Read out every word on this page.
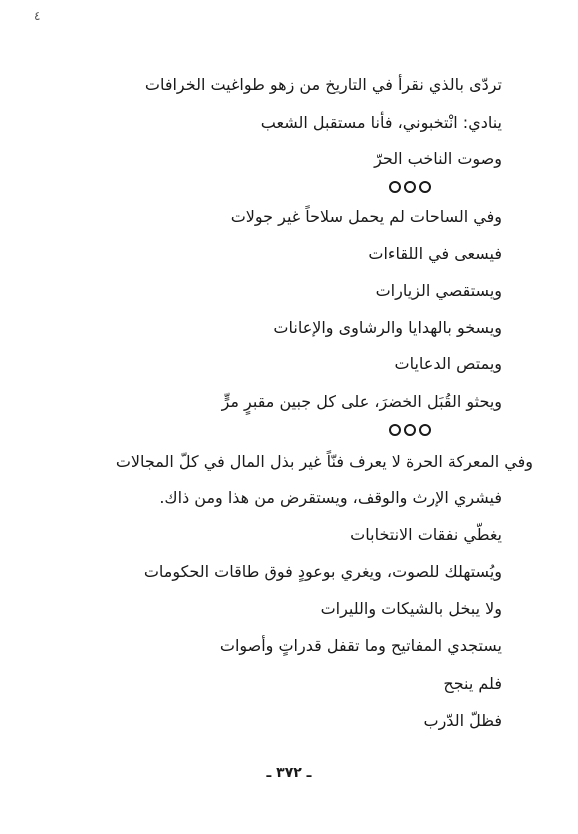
٤
تردّى بالذي نقرأ في التاريخ من زهو طواغيت الخرافات
ينادي: انْتخبوني، فأنا مستقبل الشعب
وصوت الناخب الحرّ
وفي الساحات لم يحمل سلاحاً غير جولات
فيسعى في اللقاءات
ويستقصي الزيارات
ويسخو بالهدايا والرشاوى والإعانات
ويمتص الدعايات
ويحثو القُبَل الخضرَ، على كل جبين مقبرٍ مرٍّ
وفي المعركة الحرة لا يعرف فنّاً غير بذل المال في كلّ المجالات
فيشري الإرث والوقف، ويستقرض من هذا ومن ذاك.
يغطّي نفقات الانتخابات
ويُستهلك للصوت، ويغري بوعودٍ فوق طاقات الحكومات
ولا يبخل بالشيكات والليرات
يستجدي المفاتيح وما تقفل قدراتٍ وأصوات
فلم ينجح
فظلّ الدّرب
ـ ٣٧٢ ـ
